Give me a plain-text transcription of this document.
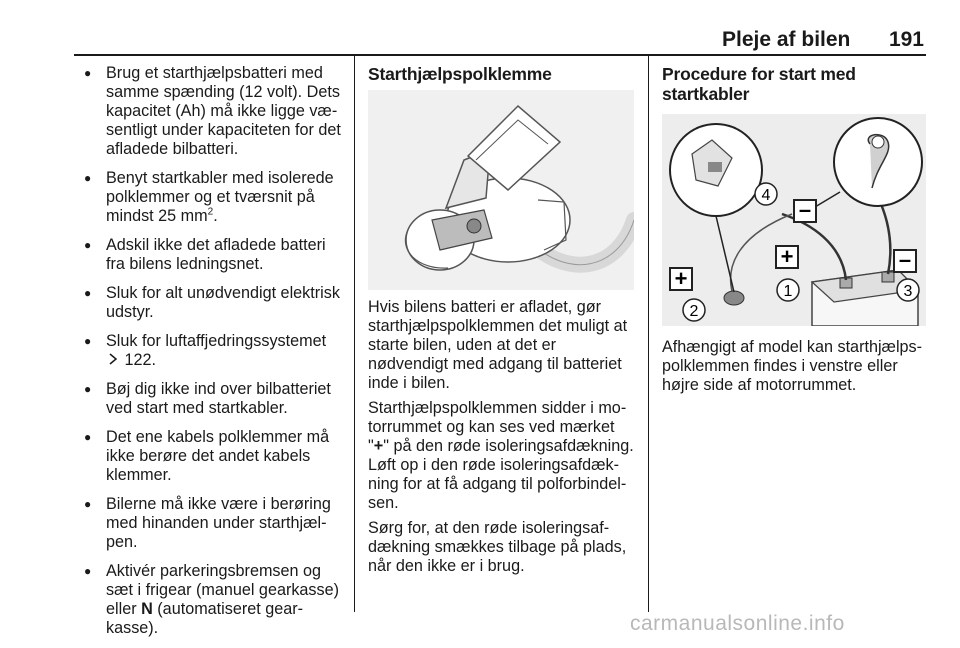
Pleje af bilen 191
● Brug et starthjælpsbatteri med samme spænding (12 volt). Dets kapacitet (Ah) må ikke ligge væsentligt under kapaciteten for det afladede bilbatteri.
● Benyt startkabler med isolerede polklemmer og et tværsnit på mindst 25 $mm^2$.
● Adskil ikke det afladede batteri fra bilens ledningsnet.
● Sluk for alt unødvendigt elektrisk udstyr.
● Sluk for luftaffjedringssystemet
122.
● Bøj dig ikke ind over bilbatteriet ved start med startkabler.
● Det ene kabels polklemmer må ikke berøre det andet kabels klemmer.
● Bilerne må ikke være i berøring med hinanden under starthjælpen.
● Aktivér parkeringsbremsen og sæt i frigear (manuel gearkasse) eller N (automatiseret gearkasse).
Starthjælpspolklemme

Hvis bilens batteri er afladet, gør starthjælpspolklemmen det muligt at starte bilen, uden at det er nødvendigt med adgang til batteriet inde i bilen.

Starthjælpspolklemmen sidder i motorrummet og kan ses ved mærket "+" på den røde isoleringsafdækning. Løft op i den røde isoleringsafdækning for at få adgang til polforbindelsen.

Sørg for, at den røde isoleringsafdækning smækkes tilbage på plads, når den ikke er i brug.

Procedure for start med startkabler
+
+
–
–
4
1
2
3

Afhængigt af model kan starthjælpspolklemmen findes i venstre eller højre side af motorrummet.

carmanualsonline.info
